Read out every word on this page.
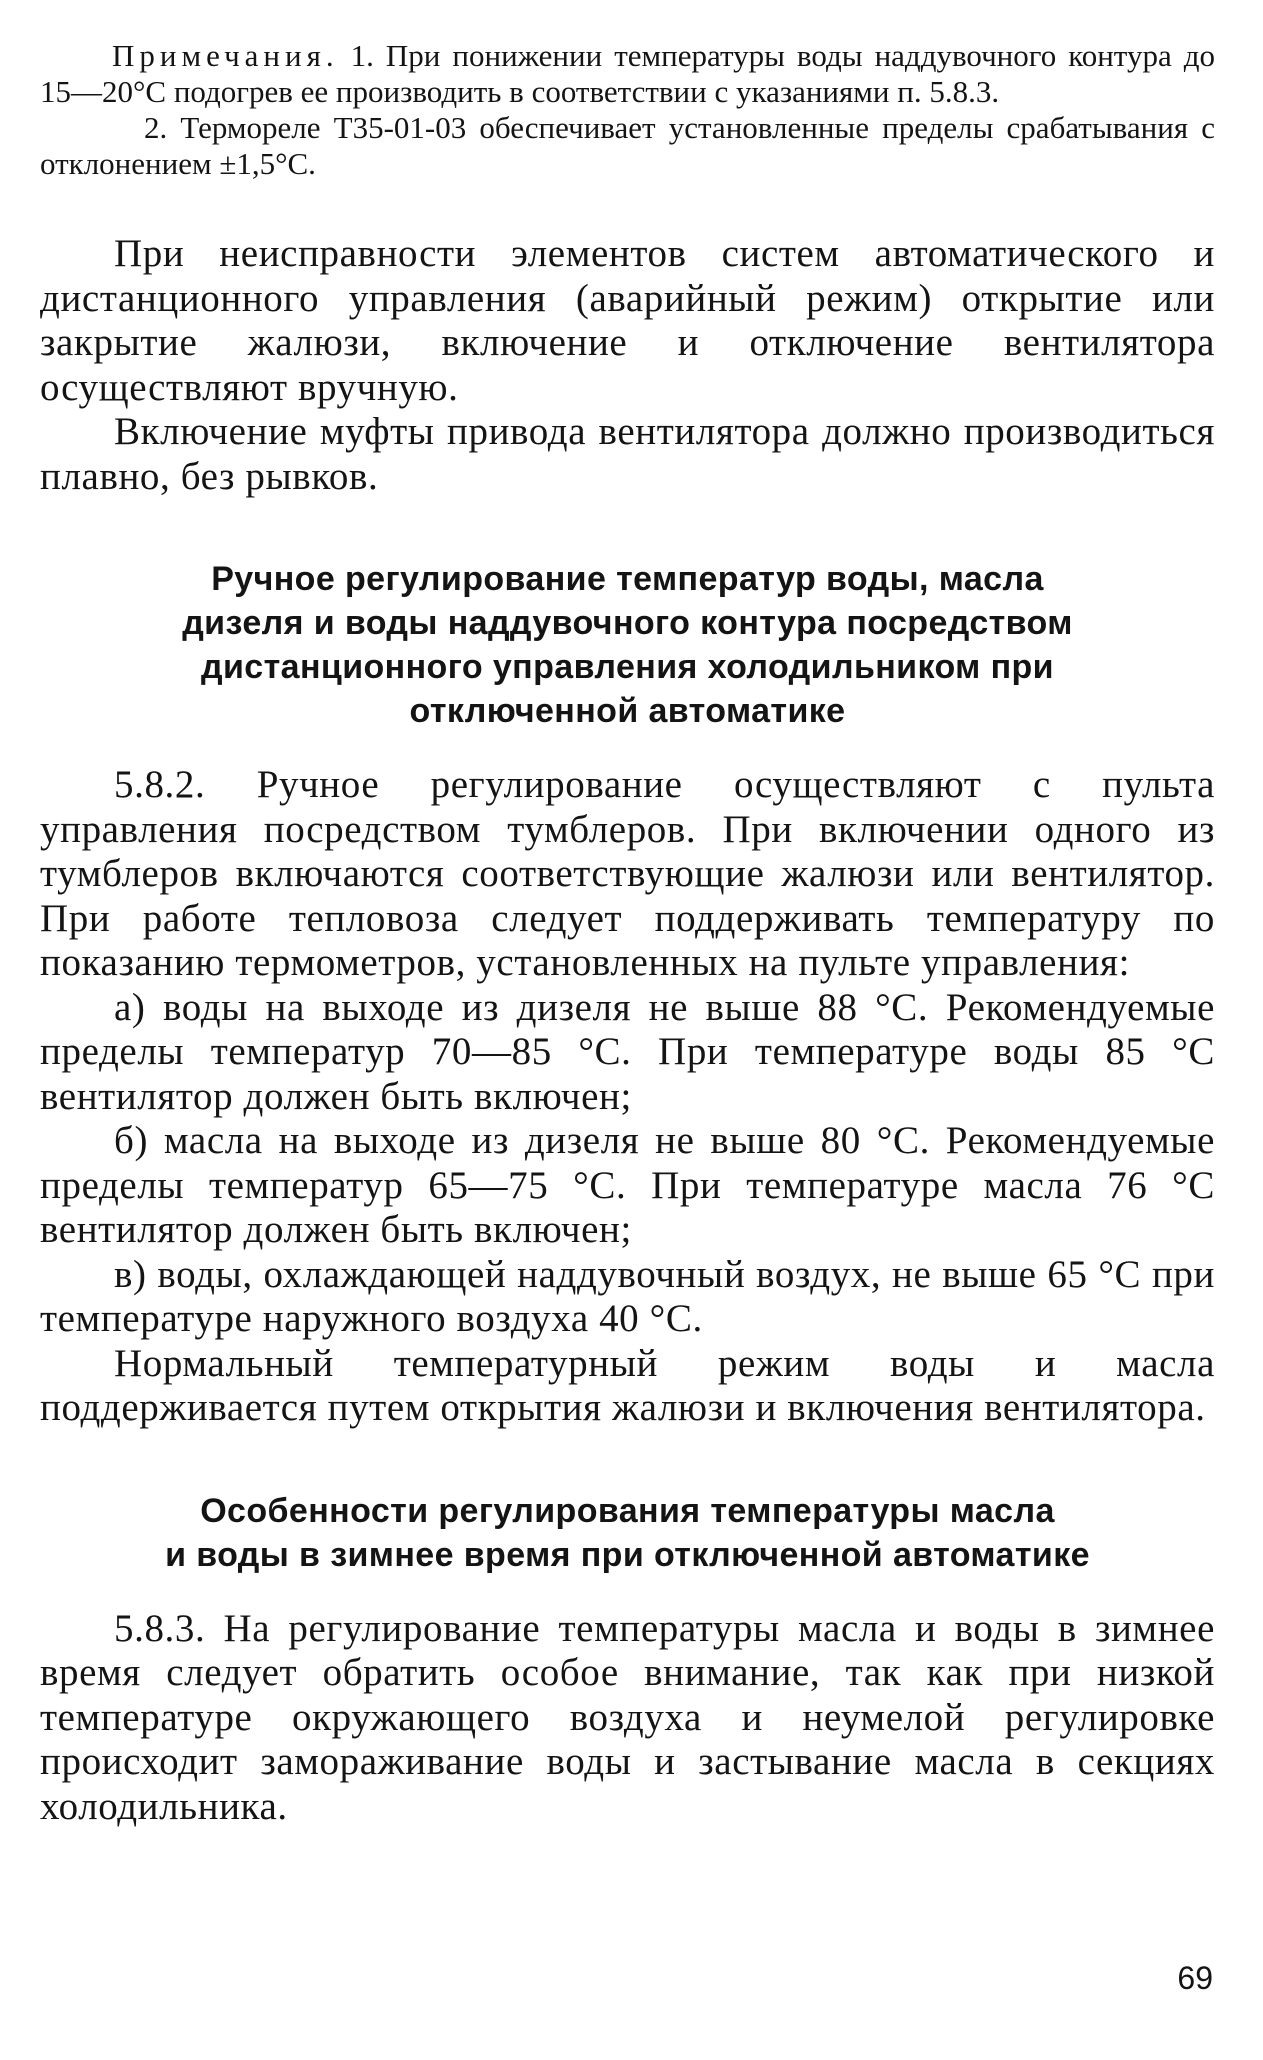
Примечания. 1. При понижении температуры воды наддувочного контура до 15—20°С подогрев ее производить в соответствии с указаниями п. 5.8.3.

2. Термореле Т35-01-03 обеспечивает установленные пределы срабатывания с отклонением ±1,5°С.

При неисправности элементов систем автоматического и дистанционного управления (аварийный режим) открытие или закрытие жалюзи, включение и отключение вентилятора осуществляют вручную.

Включение муфты привода вентилятора должно производиться плавно, без рывков.

Ручное регулирование температур воды, масла
дизеля и воды наддувочного контура посредством
дистанционного управления холодильником при
отключенной автоматике

5.8.2. Ручное регулирование осуществляют с пульта управления посредством тумблеров. При включении одного из тумблеров включаются соответствующие жалюзи или вентилятор. При работе тепловоза следует поддерживать температуру по показанию термометров, установленных на пульте управления:

а) воды на выходе из дизеля не выше 88 °С. Рекомендуемые пределы температур 70—85 °С. При температуре воды 85 °С вентилятор должен быть включен;

б) масла на выходе из дизеля не выше 80 °С. Рекомендуемые пределы температур 65—75 °С. При температуре масла 76 °С вентилятор должен быть включен;

в) воды, охлаждающей наддувочный воздух, не выше 65 °С при температуре наружного воздуха 40 °С.

Нормальный температурный режим воды и масла поддерживается путем открытия жалюзи и включения вентилятора.

Особенности регулирования температуры масла
и воды в зимнее время при отключенной автоматике

5.8.3. На регулирование температуры масла и воды в зимнее время следует обратить особое внимание, так как при низкой температуре окружающего воздуха и неумелой регулировке происходит замораживание воды и застывание масла в секциях холодильника.

69
